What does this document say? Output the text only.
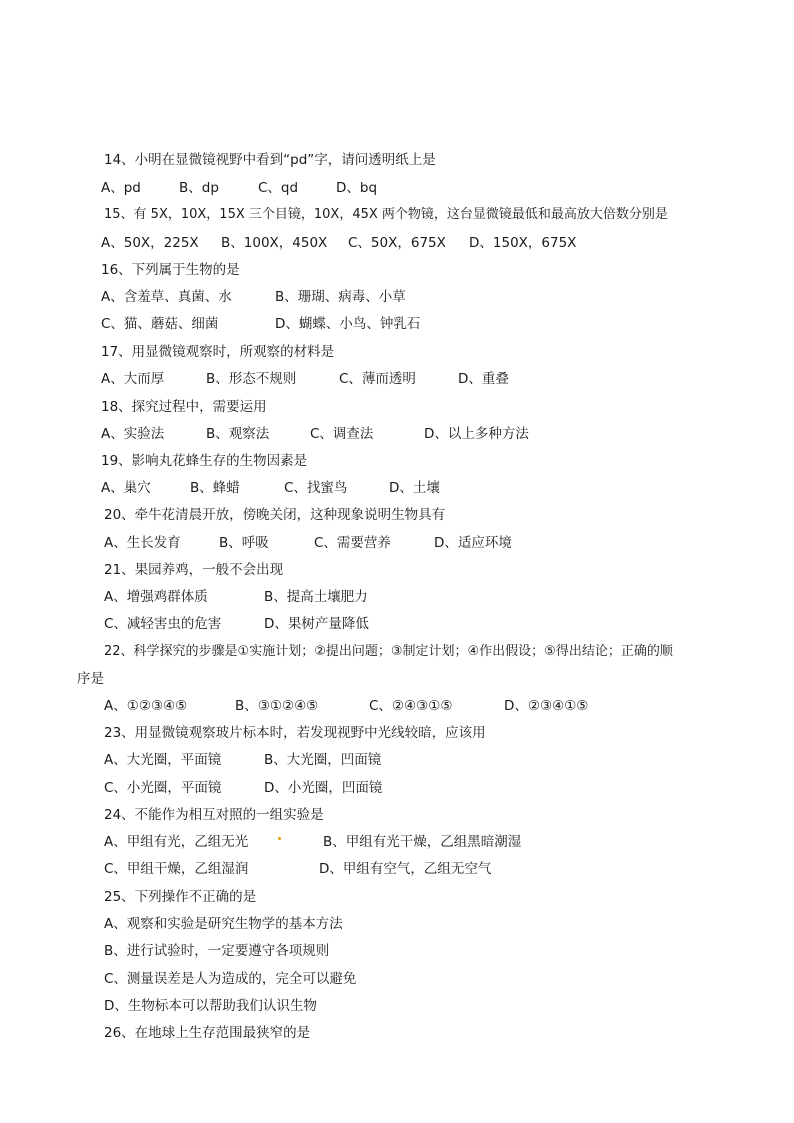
14、小明在显微镜视野中看到“pd”字，请问透明纸上是
A、pd	B、dp	C、qd	D、bq
15、有 5X，10X，15X 三个目镜，10X，45X 两个物镜，这台显微镜最低和最高放大倍数分别是
A、50X，225X B、100X，450X C、50X，675X D、150X，675X
16、下列属于生物的是
A、含羞草、真菌、水	B、珊瑚、病毒、小草
C、猫、蘑菇、细菌	D、蝴蝶、小鸟、钟乳石
17、用显微镜观察时，所观察的材料是
A、大而厚	B、形态不规则	C、薄而透明	D、重叠
18、探究过程中，需要运用
A、实验法	B、观察法	C、调查法	D、以上多种方法
19、影响丸花蜂生存的生物因素是
A、巢穴	B、蜂蜡	C、找蜜鸟	D、土壤
20、牵牛花清晨开放，傍晚关闭，这种现象说明生物具有
A、生长发育	B、呼吸	C、需要营养	D、适应环境
21、果园养鸡，一般不会出现
A、增强鸡群体质	B、提高土壤肥力
C、减轻害虫的危害	D、果树产量降低
22、科学探究的步骤是①实施计划；②提出问题；③制定计划；④作出假设；⑤得出结论；正确的顺
序是
A、①②③④⑤	B、③①②④⑤	C、②④③①⑤	D、②③④①⑤
23、用显微镜观察玻片标本时，若发现视野中光线较暗，应该用
A、大光圈，平面镜	B、大光圈，凹面镜
C、小光圈，平面镜	D、小光圈，凹面镜
24、不能作为相互对照的一组实验是
A、甲组有光，乙组无光	B、甲组有光干燥，乙组黑暗潮湿
C、甲组干燥，乙组湿润	D、甲组有空气，乙组无空气
25、下列操作不正确的是
A、观察和实验是研究生物学的基本方法
B、进行试验时，一定要遵守各项规则
C、测量误差是人为造成的，完全可以避免
D、生物标本可以帮助我们认识生物
26、在地球上生存范围最狭窄的是
